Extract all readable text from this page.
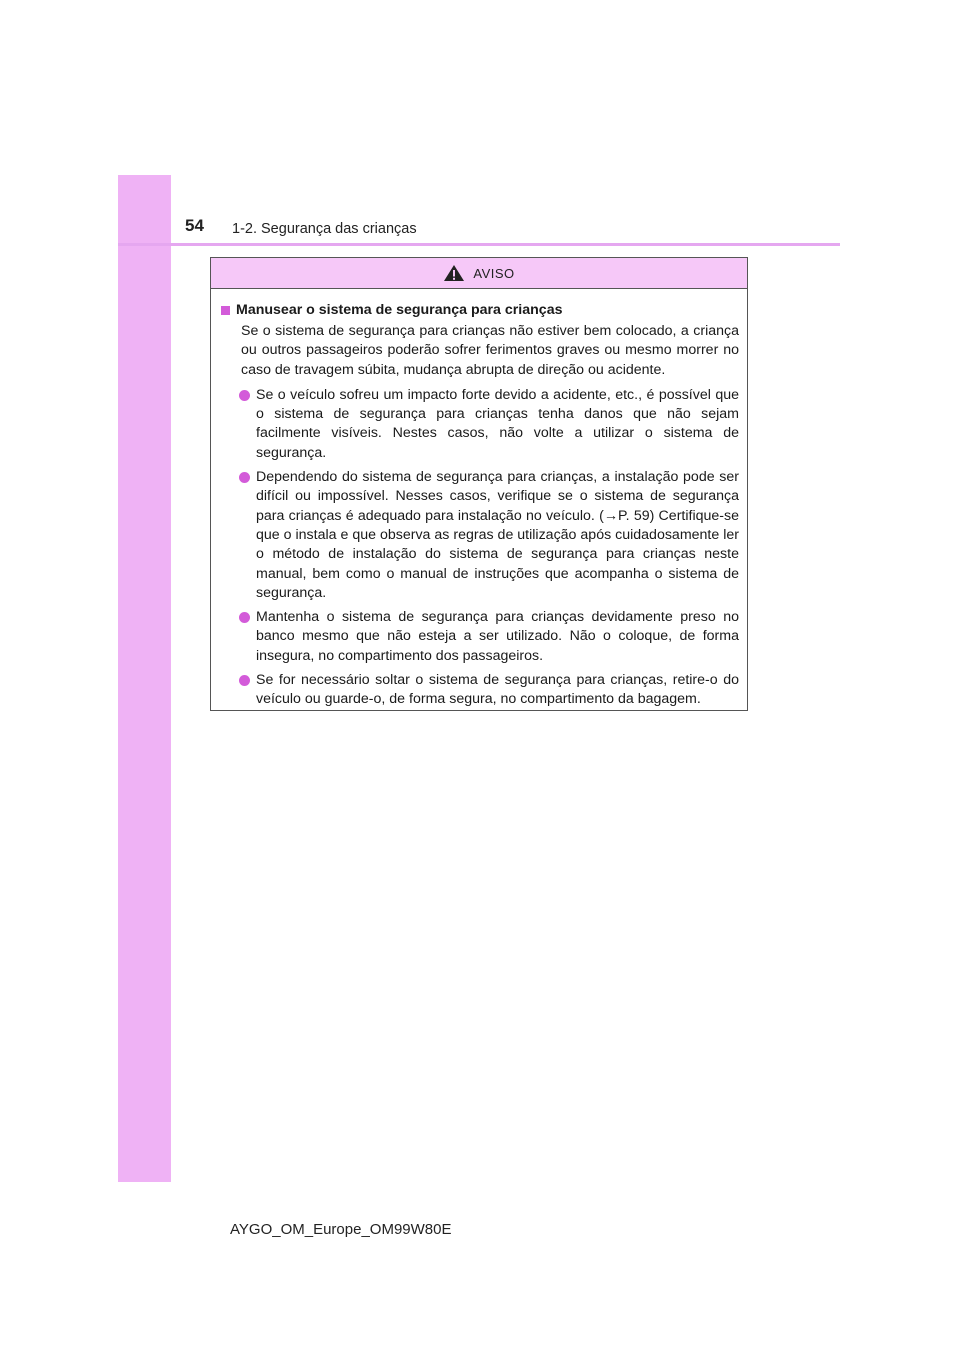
54 1-2. Segurança das crianças
AVISO
Manusear o sistema de segurança para crianças

Se o sistema de segurança para crianças não estiver bem colocado, a criança ou outros passageiros poderão sofrer ferimentos graves ou mesmo morrer no caso de travagem súbita, mudança abrupta de direção ou acidente.

Se o veículo sofreu um impacto forte devido a acidente, etc., é possível que o sistema de segurança para crianças tenha danos que não sejam facilmente visíveis. Nestes casos, não volte a utilizar o sistema de segurança.
Dependendo do sistema de segurança para crianças, a instalação pode ser difícil ou impossível. Nesses casos, verifique se o sistema de segurança para crianças é adequado para instalação no veículo. (→P. 59) Certifique-se que o instala e que observa as regras de utilização após cuidadosamente ler o método de instalação do sistema de segurança para crianças neste manual, bem como o manual de instruções que acompanha o sistema de segurança.
Mantenha o sistema de segurança para crianças devidamente preso no banco mesmo que não esteja a ser utilizado. Não o coloque, de forma insegura, no compartimento dos passageiros.
Se for necessário soltar o sistema de segurança para crianças, retire-o do veículo ou guarde-o, de forma segura, no compartimento da bagagem.
AYGO_OM_Europe_OM99W80E
